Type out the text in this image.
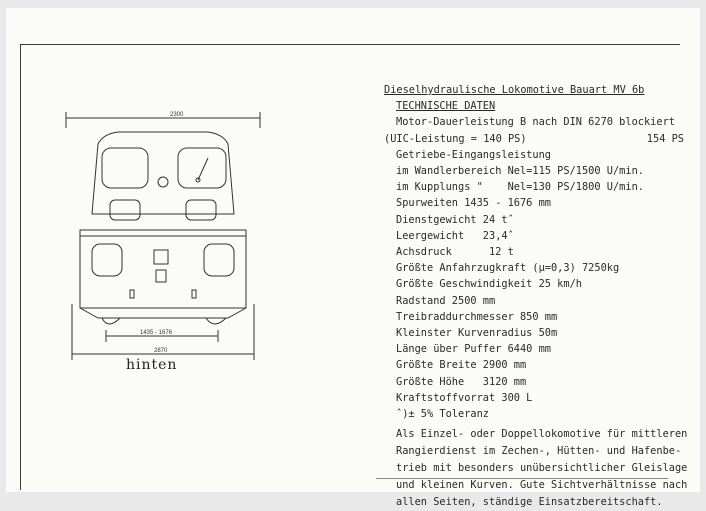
2300
1435 - 1676
2870
hinten
Dieselhydraulische Lokomotive Bauart MV 6b
TECHNISCHE DATEN
Motor-Dauerleistung B nach DIN 6270 blockiert
(UIC-Leistung = 140 PS)	154 PS
Getriebe-Eingangsleistung
im Wandlerbereich Nel=115 PS/1500 U/min.
im Kupplungs "    Nel=130 PS/1800 U/min.
Spurweiten 1435 - 1676 mm
Dienstgewicht 24 tˆ
Leergewicht   23,4ˆ
Achsdruck      12 t
Größte Anfahrzugkraft (μ=0,3) 7250kg
Größte Geschwindigkeit 25 km/h
Radstand 2500 mm
Treibraddurchmesser 850 mm
Kleinster Kurvenradius 50m
Länge über Puffer 6440 mm
Größte Breite 2900 mm
Größte Höhe   3120 mm
Kraftstoffvorrat 300 L
ˆ)± 5% Toleranz
Als Einzel- oder Doppellokomotive für mittleren
Rangierdienst im Zechen-, Hütten- und Hafenbe-
trieb mit besonders unübersichtlicher Gleislage
und kleinen Kurven. Gute Sichtverhältnisse nach
allen Seiten, ständige Einsatzbereitschaft.
